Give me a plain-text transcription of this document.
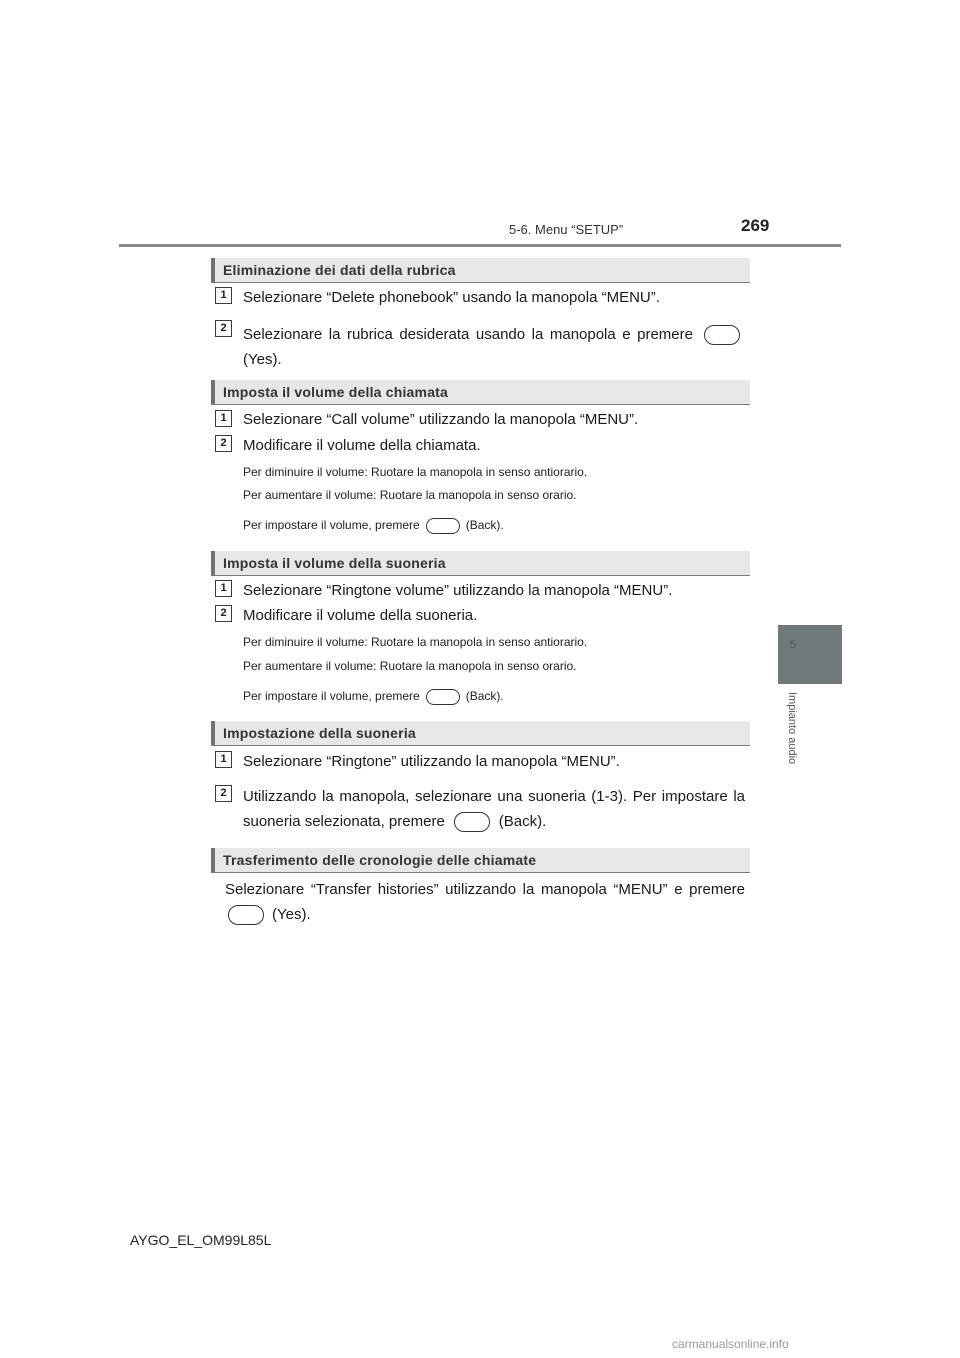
5-6. Menu “SETUP”	269
5
Impianto audio
Eliminazione dei dati della rubrica
1	Selezionare “Delete phonebook” usando la manopola “MENU”.
2	Selezionare la rubrica desiderata usando la manopola e premere
(Yes).
Imposta il volume della chiamata
1	Selezionare “Call volume” utilizzando la manopola “MENU”.
2	Modificare il volume della chiamata.
Per diminuire il volume: Ruotare la manopola in senso antiorario.
Per aumentare il volume: Ruotare la manopola in senso orario.
Per impostare il volume, premere	(Back).
Imposta il volume della suoneria
1	Selezionare “Ringtone volume” utilizzando la manopola “MENU”.
2	Modificare il volume della suoneria.
Per diminuire il volume: Ruotare la manopola in senso antiorario.
Per aumentare il volume: Ruotare la manopola in senso orario.
Per impostare il volume, premere	(Back).
Impostazione della suoneria
1	Selezionare “Ringtone” utilizzando la manopola “MENU”.
2	Utilizzando la manopola, selezionare una suoneria (1-3). Per impostare la
suoneria selezionata, premere	(Back).
Trasferimento delle cronologie delle chiamate
Selezionare “Transfer histories” utilizzando la manopola “MENU” e premere
(Yes).
AYGO_EL_OM99L85L
carmanualsonline.info
